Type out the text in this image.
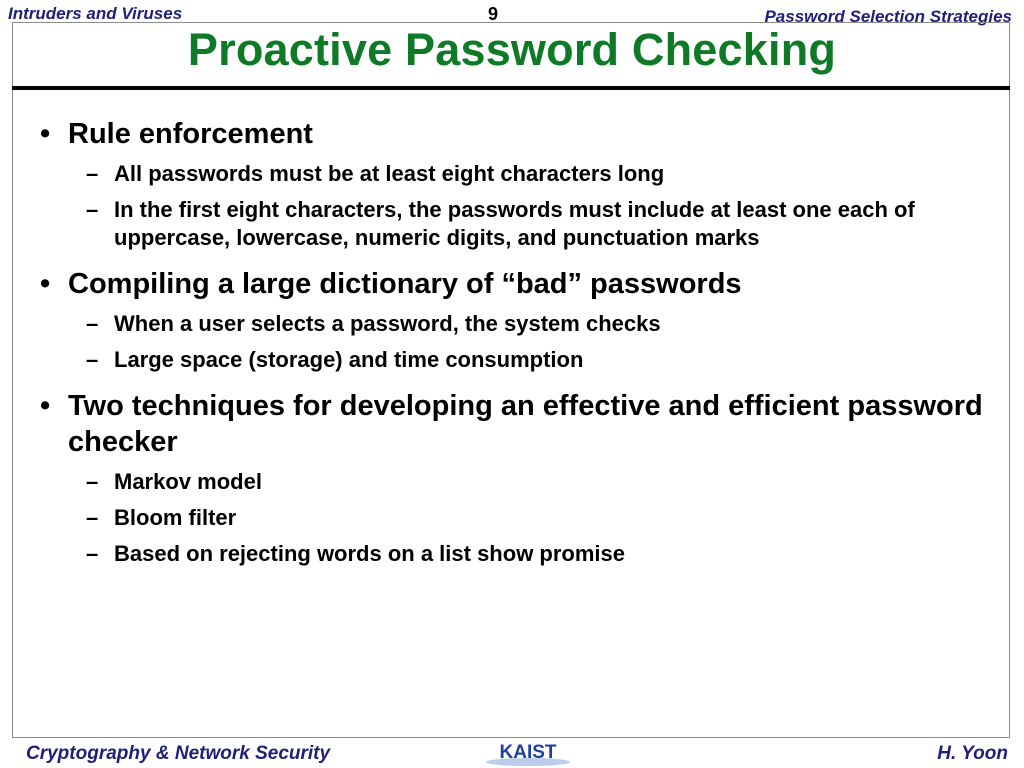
Intruders and Viruses	9	Password Selection Strategies
Proactive Password Checking
• Rule enforcement
– All passwords must be at least eight characters long
– In the first eight characters, the passwords must include at least one each of uppercase, lowercase, numeric digits, and punctuation marks
• Compiling a large dictionary of “bad” passwords
– When a user selects a password, the system checks
– Large space (storage) and time consumption
• Two techniques for developing an effective and efficient password checker
– Markov model
– Bloom filter
– Based on rejecting words on a list show promise
Cryptography & Network Security	KAIST	H. Yoon
